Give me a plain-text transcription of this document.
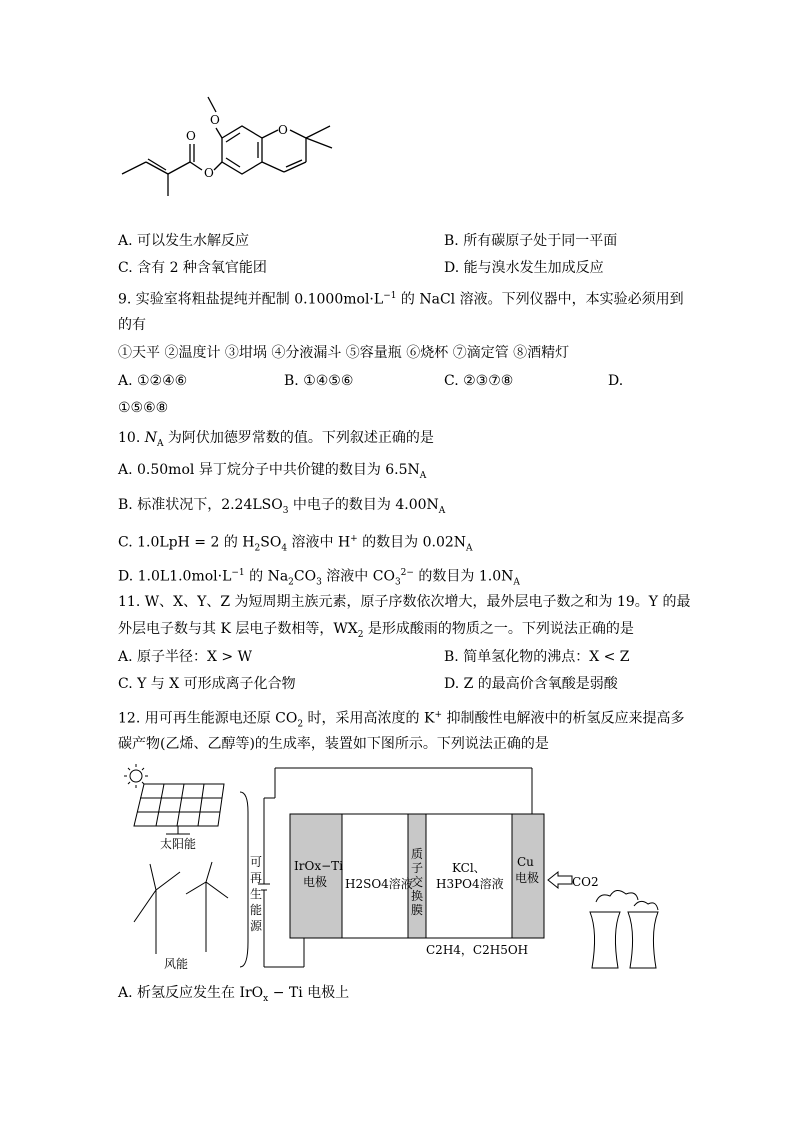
O
O
O
O
A. 可以发生水解反应	B. 所有碳原子处于同一平面
C. 含有 2 种含氧官能团	D. 能与溴水发生加成反应
9. 实验室将粗盐提纯并配制 $0.1000mol\cdot L^{-1}$ 的 NaCl 溶液。下列仪器中，本实验必须用到
的有
①天平 ②温度计 ③坩埚 ④分液漏斗 ⑤容量瓶 ⑥烧杯 ⑦滴定管 ⑧酒精灯
A. ①②④⑥	B. ①④⑤⑥	C. ②③⑦⑧	D.
①⑤⑥⑧
10. $N_A$ 为阿伏加德罗常数的值。下列叙述正确的是
A. 0.50mol 异丁烷分子中共价键的数目为 $6.5N_A$
B. 标准状况下，$2.24LSO_3$ 中电子的数目为 $4.00N_A$
C. 1.0LpH = 2 的 $H_2SO_4$ 溶液中 H+ 的数目为 $0.02N_A$
D. $1.0L1.0mol\cdot L^{-1}$ 的 $Na_2CO_3$ 溶液中 $CO_3^{2-}$ 的数目为 $1.0N_A$
11. W、X、Y、Z 为短周期主族元素，原子序数依次增大，最外层电子数之和为 19。Y 的最
外层电子数与其 K 层电子数相等，$WX_2$ 是形成酸雨的物质之一。下列说法正确的是
A. 原子半径：X > W	B. 简单氢化物的沸点：X < Z
C. Y 与 X 可形成离子化合物	D. Z 的最高价含氧酸是弱酸
12. 用可再生能源电还原 $CO_2$ 时，采用高浓度的 K+ 抑制酸性电解液中的析氢反应来提高多
碳产物(乙烯、乙醇等)的生成率，装置如下图所示。下列说法正确的是
太阳能
风能
可
再
生
能
源
IrOx−Ti
电极 H2SO4溶液
质
子
交
换
膜
KCl、
H3PO4溶液
Cu
电极	CO2
C2H4，C2H5OH
A. 析氢反应发生在 IrO$_x$ − Ti 电极上
